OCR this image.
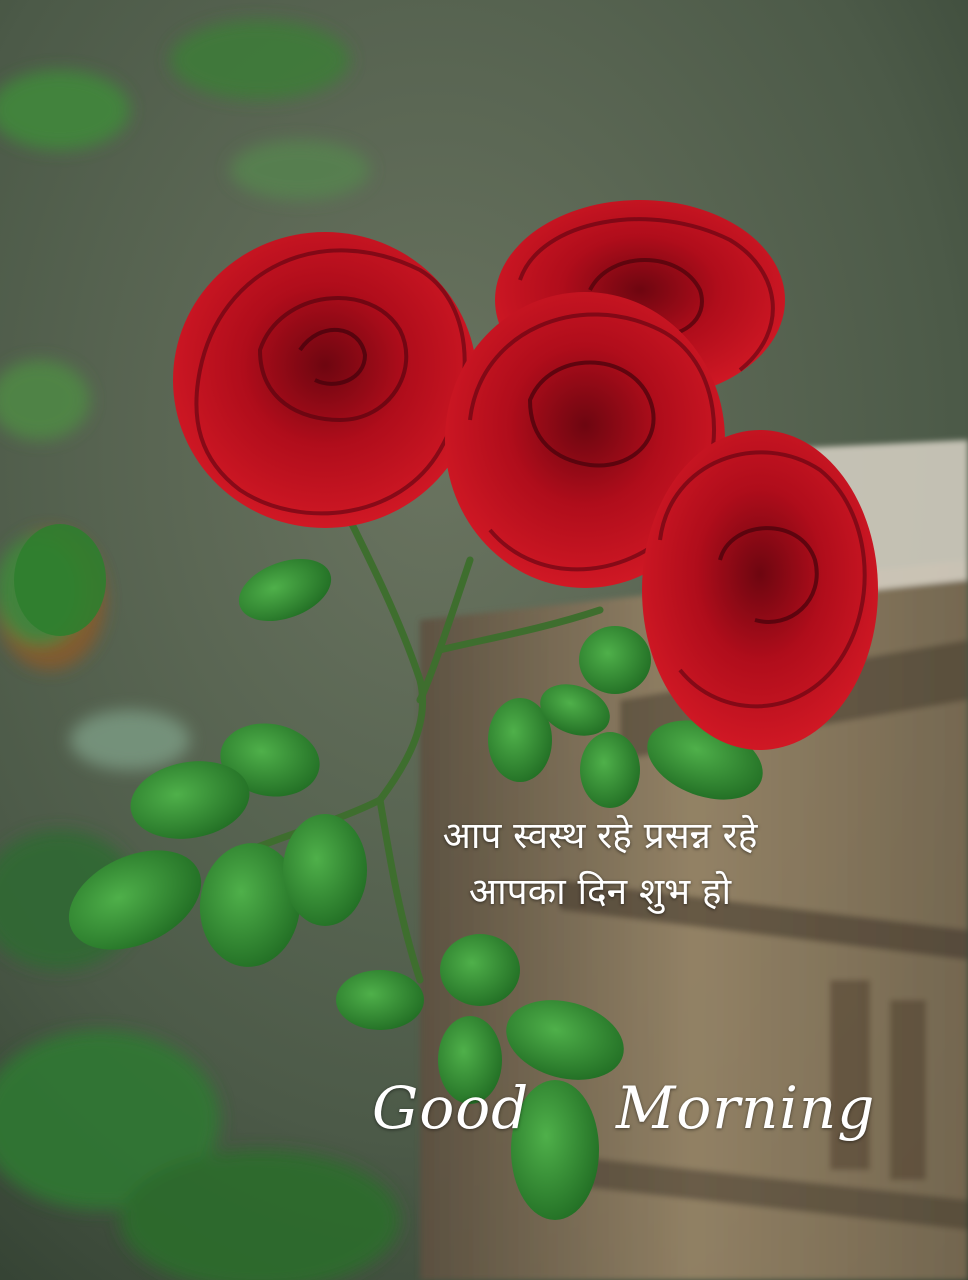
आप स्वस्थ रहे प्रसन्न रहे
आपका दिन शुभ हो
Good Morning
